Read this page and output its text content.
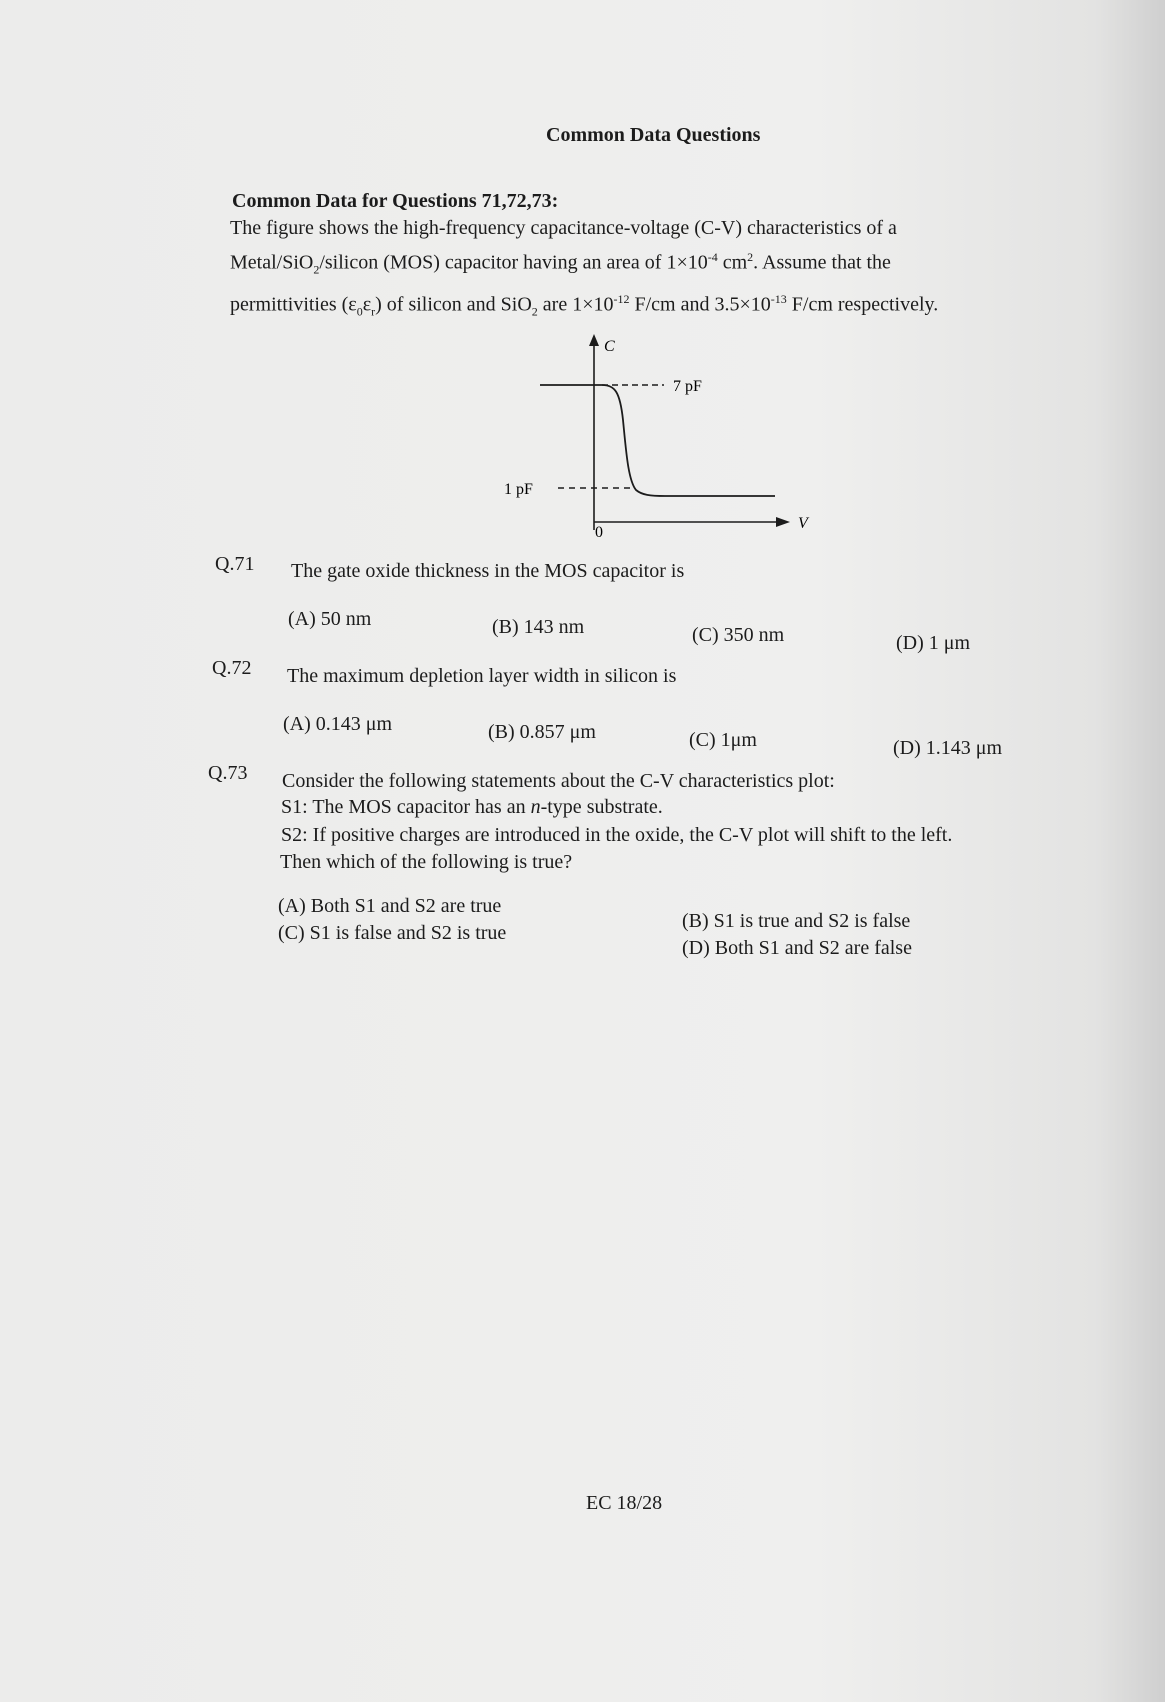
Common Data Questions
Common Data for Questions 71,72,73:
The figure shows the high-frequency capacitance-voltage (C-V) characteristics of a
Metal/SiO$_2$/silicon (MOS) capacitor having an area of $1\times 10^{-4}$ $cm^2$. Assume that the
permittivities $(\varepsilon_0\varepsilon_r)$ of silicon and SiO$_2$ are $1\times 10^{-12}$ F/cm and $3.5\times 10^{-13}$ F/cm respectively.
C
V
0
7 pF
1 pF
Q.71 The gate oxide thickness in the MOS capacitor is
(A) 50 nm	(B) 143 nm	(C) 350 nm	(D) 1 μm
Q.72 The maximum depletion layer width in silicon is
(A) 0.143 μm	(B) 0.857 μm	(C) 1μm	(D) 1.143 μm
Q.73 Consider the following statements about the C-V characteristics plot:
S1: The MOS capacitor has an n-type substrate.
S2: If positive charges are introduced in the oxide, the C-V plot will shift to the left.
Then which of the following is true?
(A) Both S1 and S2 are true
(B) S1 is true and S2 is false
(C) S1 is false and S2 is true
(D) Both S1 and S2 are false
EC 18/28
